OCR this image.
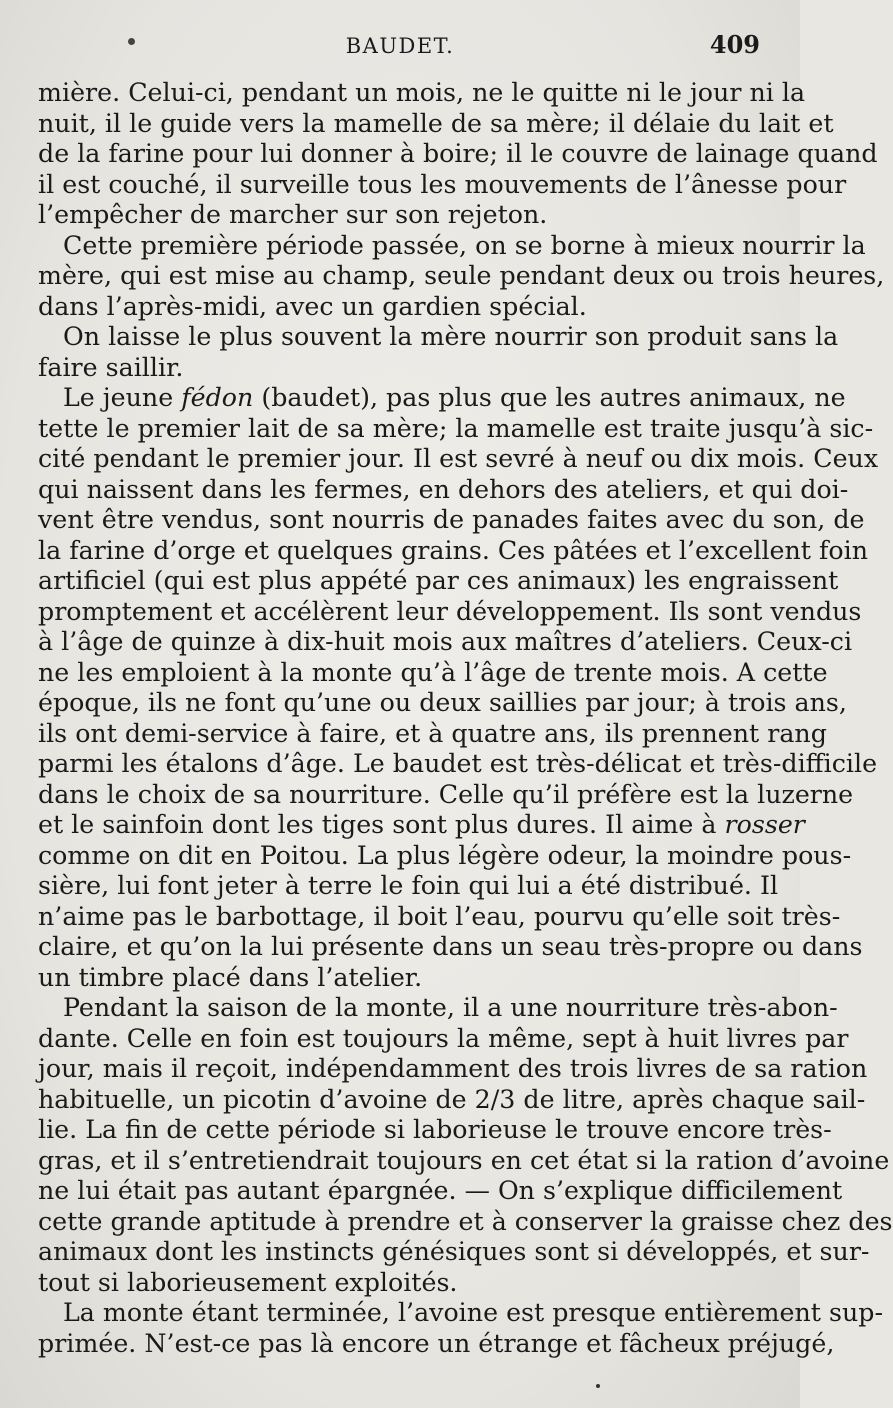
BAUDET.	409
mière. Celui-ci, pendant un mois, ne le quitte ni le jour ni la
nuit, il le guide vers la mamelle de sa mère; il délaie du lait et
de la farine pour lui donner à boire; il le couvre de lainage quand
il est couché, il surveille tous les mouvements de l’ânesse pour
l’empêcher de marcher sur son rejeton.
Cette première période passée, on se borne à mieux nourrir la
mère, qui est mise au champ, seule pendant deux ou trois heures,
dans l’après-midi, avec un gardien spécial.
On laisse le plus souvent la mère nourrir son produit sans la
faire saillir.
Le jeune fédon (baudet), pas plus que les autres animaux, ne
tette le premier lait de sa mère; la mamelle est traite jusqu’à sic-
cité pendant le premier jour. Il est sevré à neuf ou dix mois. Ceux
qui naissent dans les fermes, en dehors des ateliers, et qui doi-
vent être vendus, sont nourris de panades faites avec du son, de
la farine d’orge et quelques grains. Ces pâtées et l’excellent foin
artificiel (qui est plus appété par ces animaux) les engraissent
promptement et accélèrent leur développement. Ils sont vendus
à l’âge de quinze à dix-huit mois aux maîtres d’ateliers. Ceux-ci
ne les emploient à la monte qu’à l’âge de trente mois. A cette
époque, ils ne font qu’une ou deux saillies par jour; à trois ans,
ils ont demi-service à faire, et à quatre ans, ils prennent rang
parmi les étalons d’âge. Le baudet est très-délicat et très-difficile
dans le choix de sa nourriture. Celle qu’il préfère est la luzerne
et le sainfoin dont les tiges sont plus dures. Il aime à rosser
comme on dit en Poitou. La plus légère odeur, la moindre pous-
sière, lui font jeter à terre le foin qui lui a été distribué. Il
n’aime pas le barbottage, il boit l’eau, pourvu qu’elle soit très-
claire, et qu’on la lui présente dans un seau très-propre ou dans
un timbre placé dans l’atelier.
Pendant la saison de la monte, il a une nourriture très-abon-
dante. Celle en foin est toujours la même, sept à huit livres par
jour, mais il reçoit, indépendamment des trois livres de sa ration
habituelle, un picotin d’avoine de 2/3 de litre, après chaque sail-
lie. La fin de cette période si laborieuse le trouve encore très-
gras, et il s’entretiendrait toujours en cet état si la ration d’avoine
ne lui était pas autant épargnée. — On s’explique difficilement
cette grande aptitude à prendre et à conserver la graisse chez des
animaux dont les instincts génésiques sont si développés, et sur-
tout si laborieusement exploités.
La monte étant terminée, l’avoine est presque entièrement sup-
primée. N’est-ce pas là encore un étrange et fâcheux préjugé,
